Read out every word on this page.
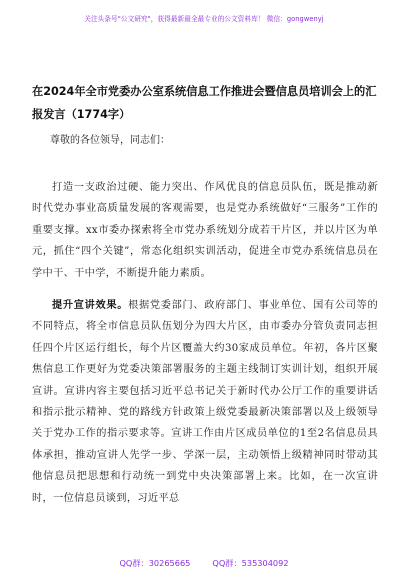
关注头条号"公文研究"，获得最新最全最专业的公文资料库！ 微信：gongwenyj
在2024年全市党委办公室系统信息工作推进会暨信息员培训会上的汇报发言（1774字）
尊敬的各位领导，同志们：
打造一支政治过硬、能力突出、作风优良的信息员队伍，既是推动新时代党办事业高质量发展的客观需要，也是党办系统做好“三服务”工作的重要支撑。xx市委办探索将全市党办系统划分成若干片区，并以片区为单元，抓住“四个关键”，常态化组织实训活动，促进全市党办系统信息员在学中干、干中学，不断提升能力素质。
提升宣讲效果。根据党委部门、政府部门、事业单位、国有公司等的不同特点，将全市信息员队伍划分为四大片区，由市委办分管负责同志担任四个片区运行组长，每个片区覆盖大约30家成员单位。年初，各片区聚焦信息工作更好为党委决策部署服务的主题主线制订实训计划，组织开展宣讲。宣讲内容主要包括习近平总书记关于新时代办公厅工作的重要讲话和指示批示精神、党的路线方针政策上级党委最新决策部署以及上级领导关于党办工作的指示要求等。宣讲工作由片区成员单位的1至2名信息员具体承担，推动宣讲人先学一步、学深一层，主动领悟上级精神同时带动其他信息员把思想和行动统一到党中央决策部署上来。比如，在一次宣讲时，一位信息员谈到，习近平总
QQ群：30265665	QQ群：535304092
